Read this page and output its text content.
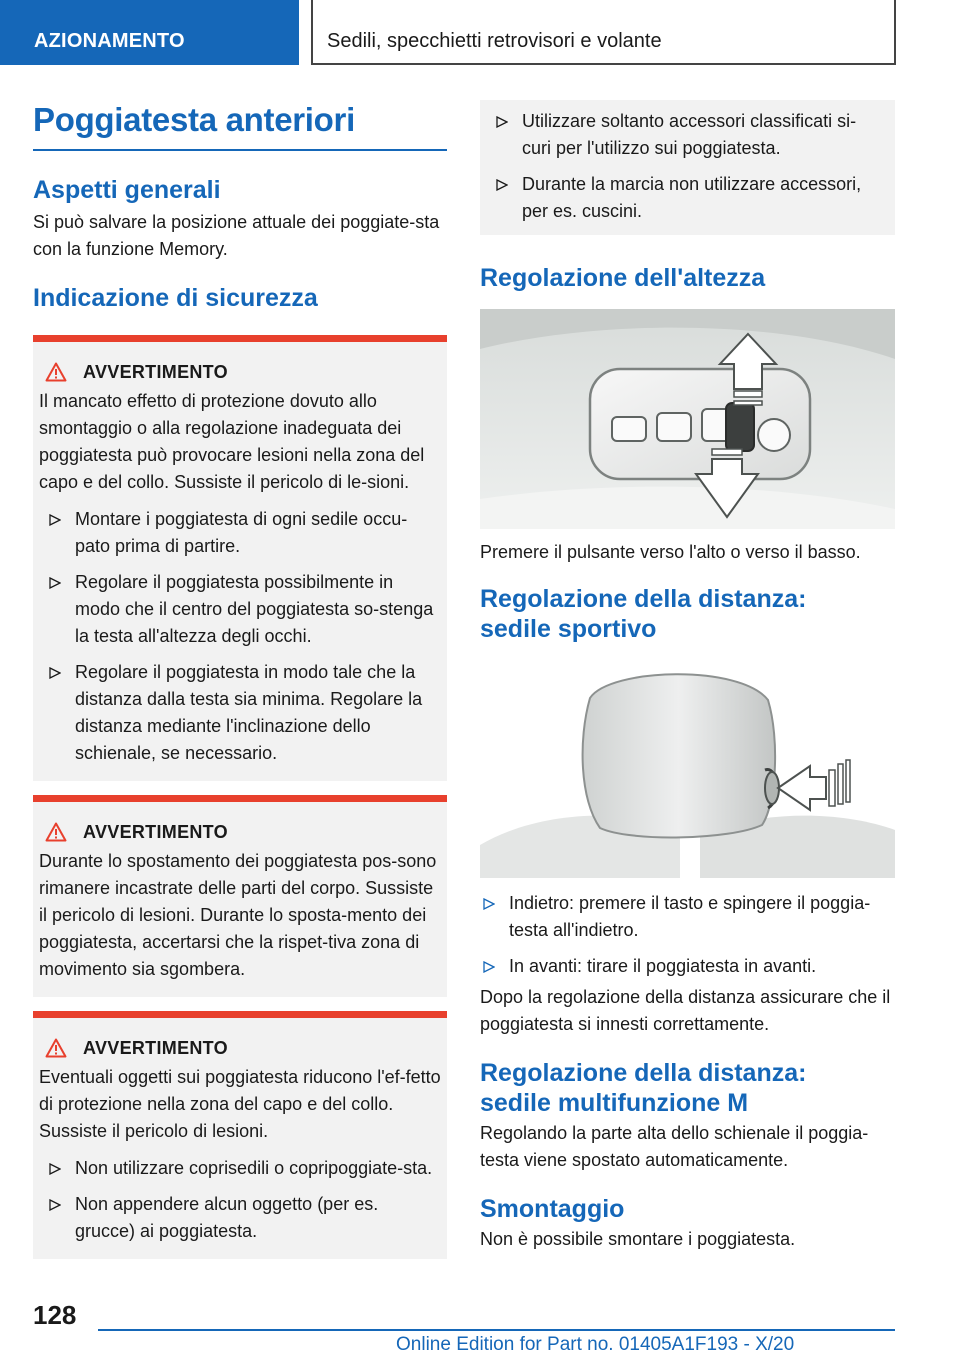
AZIONAMENTO	Sedili, specchietti retrovisori e volante
Poggiatesta anteriori
Aspetti generali

Si può salvare la posizione attuale dei poggiate-sta con la funzione Memory.

Indicazione di sicurezza
AVVERTIMENTO

Il mancato effetto di protezione dovuto allo smontaggio o alla regolazione inadeguata dei poggiatesta può provocare lesioni nella zona del capo e del collo. Sussiste il pericolo di le-sioni.

Montare i poggiatesta di ogni sedile occu-pato prima di partire.
Regolare il poggiatesta possibilmente in modo che il centro del poggiatesta so-stenga la testa all'altezza degli occhi.
Regolare il poggiatesta in modo tale che la distanza dalla testa sia minima. Regolare la distanza mediante l'inclinazione dello schienale, se necessario.
AVVERTIMENTO

Durante lo spostamento dei poggiatesta pos-sono rimanere incastrate delle parti del corpo. Sussiste il pericolo di lesioni. Durante lo sposta-mento dei poggiatesta, accertarsi che la rispet-tiva zona di movimento sia sgombera.

AVVERTIMENTO

Eventuali oggetti sui poggiatesta riducono l'ef-fetto di protezione nella zona del capo e del collo. Sussiste il pericolo di lesioni.

Non utilizzare coprisedili o copripoggiate-sta.
Non appendere alcun oggetto (per es. grucce) ai poggiatesta.
Utilizzare soltanto accessori classificati si-curi per l'utilizzo sui poggiatesta.
Durante la marcia non utilizzare accessori, per es. cuscini.
Regolazione dell'altezza

Premere il pulsante verso l'alto o verso il basso.

Regolazione della distanza:
sedile sportivo
Indietro: premere il tasto e spingere il poggia-testa all'indietro.
In avanti: tirare il poggiatesta in avanti.

Dopo la regolazione della distanza assicurare che il poggiatesta si innesti correttamente.

Regolazione della distanza:
sedile multifunzione M

Regolando la parte alta dello schienale il poggia-testa viene spostato automaticamente.

Smontaggio

Non è possibile smontare i poggiatesta.

128
Online Edition for Part no. 01405A1F193 - X/20
